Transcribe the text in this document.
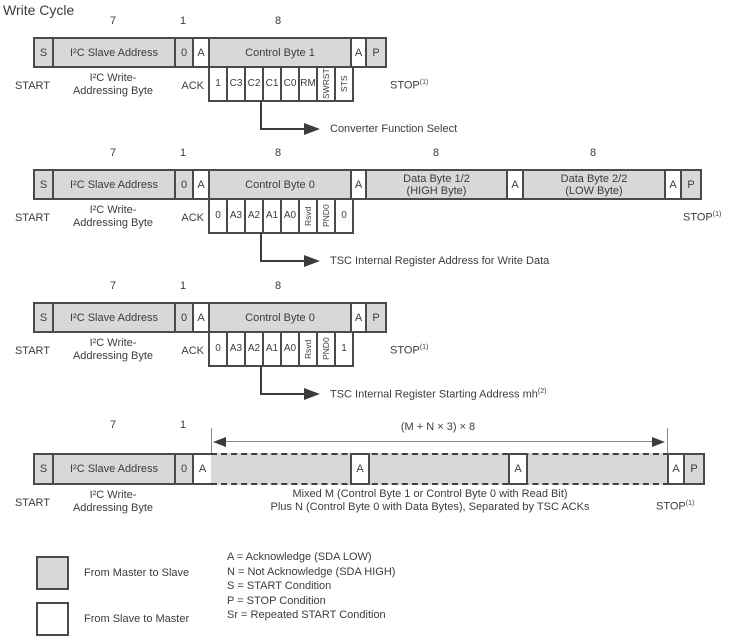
Write Cycle
7	1	8
S	I²C Slave Address	0 A	Control Byte 1	A P
1 C3 C2 C1 C0 RM SWRST STS
START
I²C Write-
Addressing Byte	ACK	STOP$^{(1)}$
Converter Function Select
7	1	8	8	8
S	I²C Slave Address	0 A	Control Byte 0	A	Data Byte 1/2
(HIGH Byte)	A	Data Byte 2/2
(LOW Byte)	A P
0 A3 A2 A1 A0 Rsvd PND0	0
START
I²C Write-
Addressing Byte	ACK	STOP$^{(1)}$
TSC Internal Register Address for Write Data
7	1	8
S	I²C Slave Address	0 A	Control Byte 0	A P
0 A3 A2 A1 A0 Rsvd PND0	1
START
I²C Write-
Addressing Byte	ACK	STOP$^{(1)}$
TSC Internal Register Starting Address $mh^{(2)}$
7	1	(M + N × 3) × 8
S	I²C Slave Address	0	A	A	A	A P
START
I²C Write-
Addressing Byte
Mixed M (Control Byte 1 or Control Byte 0 with Read Bit)
Plus N (Control Byte 0 with Data Bytes), Separated by TSC ACKs	STOP$^{(1)}$
From Master to Slave
From Slave to Master
A = Acknowledge (SDA LOW)
N = Not Acknowledge (SDA HIGH)
S = START Condition
P = STOP Condition
Sr = Repeated START Condition
